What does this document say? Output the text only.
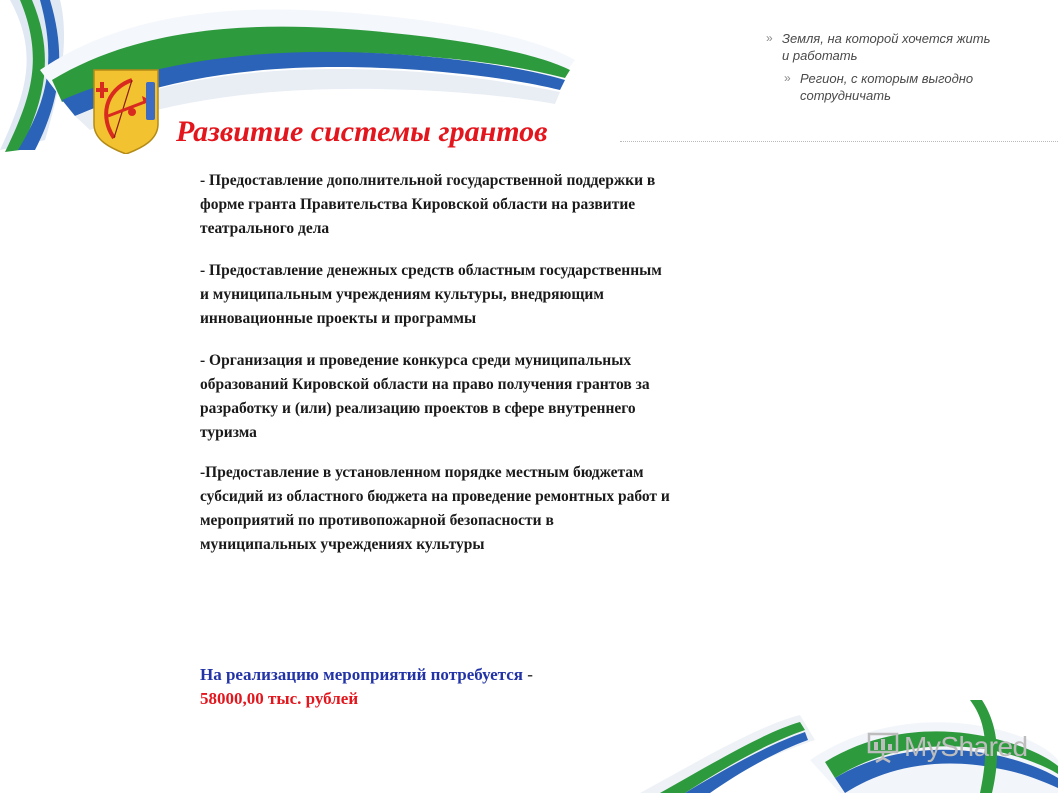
» Земля, на которой хочется жить
и работать
» Регион, с которым выгодно
сотрудничать
Развитие системы грантов

- Предоставление дополнительной государственной поддержки в форме гранта Правительства Кировской области на развитие театрального дела

- Предоставление денежных средств областным государственным и муниципальным учреждениям культуры, внедряющим инновационные проекты и программы

- Организация и проведение конкурса среди муниципальных образований Кировской области на право получения грантов за разработку и (или) реализацию проектов в сфере внутреннего туризма

-Предоставление в установленном порядке местным бюджетам субсидий из областного бюджета на проведение ремонтных работ и мероприятий по противопожарной безопасности в муниципальных учреждениях культуры

На реализацию мероприятий потребуется -
58000,00 тыс. рублей
MyShared
